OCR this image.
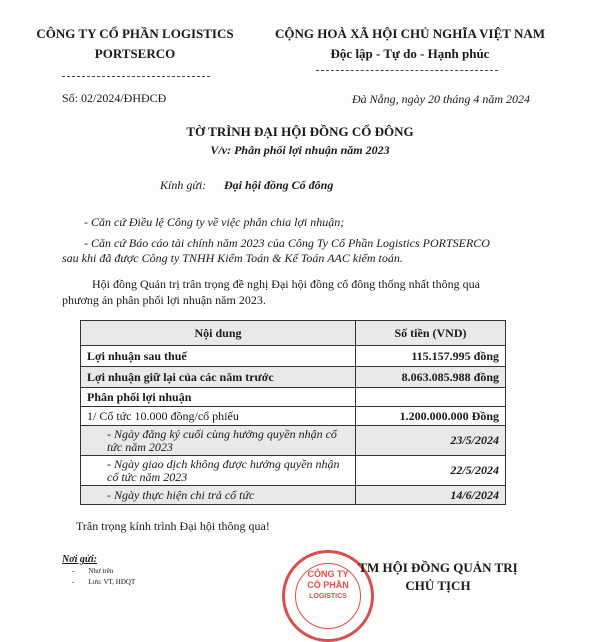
CÔNG TY CỔ PHẦN LOGISTICS
PORTSERCO
CỘNG HOÀ XÃ HỘI CHỦ NGHĨA VIỆT NAM
Độc lập - Tự do - Hạnh phúc
Số: 02/2024/ĐHĐCĐ	Đà Nẵng, ngày 20 tháng 4 năm 2024
TỜ TRÌNH ĐẠI HỘI ĐỒNG CỔ ĐÔNG
V/v: Phân phối lợi nhuận năm 2023
Kính gửi: Đại hội đồng Cổ đông
- Căn cứ Điều lệ Công ty về việc phân chia lợi nhuận;
- Căn cứ Báo cáo tài chính năm 2023 của Công Ty Cổ Phần Logistics PORTSERCO
sau khi đã được Công ty TNHH Kiểm Toán & Kế Toán AAC kiểm toán.
Hội đồng Quản trị trân trọng đề nghị Đại hội đồng cổ đông thống nhất thông qua
phương án phân phối lợi nhuận năm 2023.
Nội dung	Số tiền (VND)
Lợi nhuận sau thuế	115.157.995 đồng
Lợi nhuận giữ lại của các năm trước	8.063.085.988 đồng
Phân phối lợi nhuận	
1/ Cổ tức 10.000 đồng/cổ phiếu	1.200.000.000 Đồng
- Ngày đăng ký cuối cùng hưởng quyền nhận cổ tức năm 2023	23/5/2024
- Ngày giao dịch không được hưởng quyền nhận cổ tức năm 2023	22/5/2024
- Ngày thực hiện chi trả cổ tức	14/6/2024
Trân trọng kính trình Đại hội thông qua!
Nơi gửi:
-        Như trên
-        Lưu: VT, HĐQT
CÔNG TY
CỔ PHẦN
LOGISTICS
TM HỘI ĐỒNG QUẢN TRỊ
CHỦ TỊCH
